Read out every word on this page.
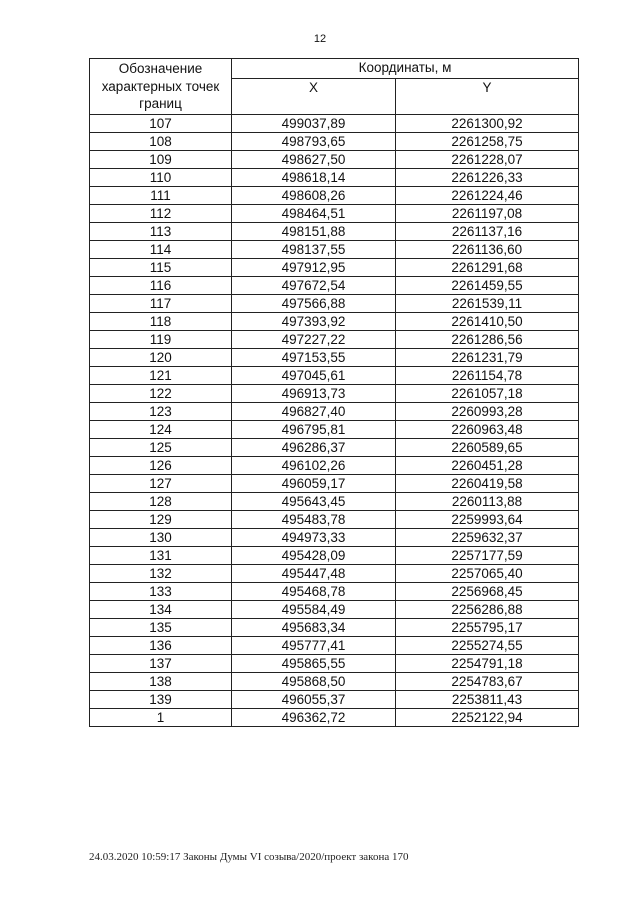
12
Обозначение характерных точек границ	Координаты, м	
	X	Y
107	499037,89	2261300,92
108	498793,65	2261258,75
109	498627,50	2261228,07
110	498618,14	2261226,33
111	498608,26	2261224,46
112	498464,51	2261197,08
113	498151,88	2261137,16
114	498137,55	2261136,60
115	497912,95	2261291,68
116	497672,54	2261459,55
117	497566,88	2261539,11
118	497393,92	2261410,50
119	497227,22	2261286,56
120	497153,55	2261231,79
121	497045,61	2261154,78
122	496913,73	2261057,18
123	496827,40	2260993,28
124	496795,81	2260963,48
125	496286,37	2260589,65
126	496102,26	2260451,28
127	496059,17	2260419,58
128	495643,45	2260113,88
129	495483,78	2259993,64
130	494973,33	2259632,37
131	495428,09	2257177,59
132	495447,48	2257065,40
133	495468,78	2256968,45
134	495584,49	2256286,88
135	495683,34	2255795,17
136	495777,41	2255274,55
137	495865,55	2254791,18
138	495868,50	2254783,67
139	496055,37	2253811,43
1	496362,72	2252122,94
24.03.2020 10:59:17 Законы Думы VI созыва/2020/проект закона 170
